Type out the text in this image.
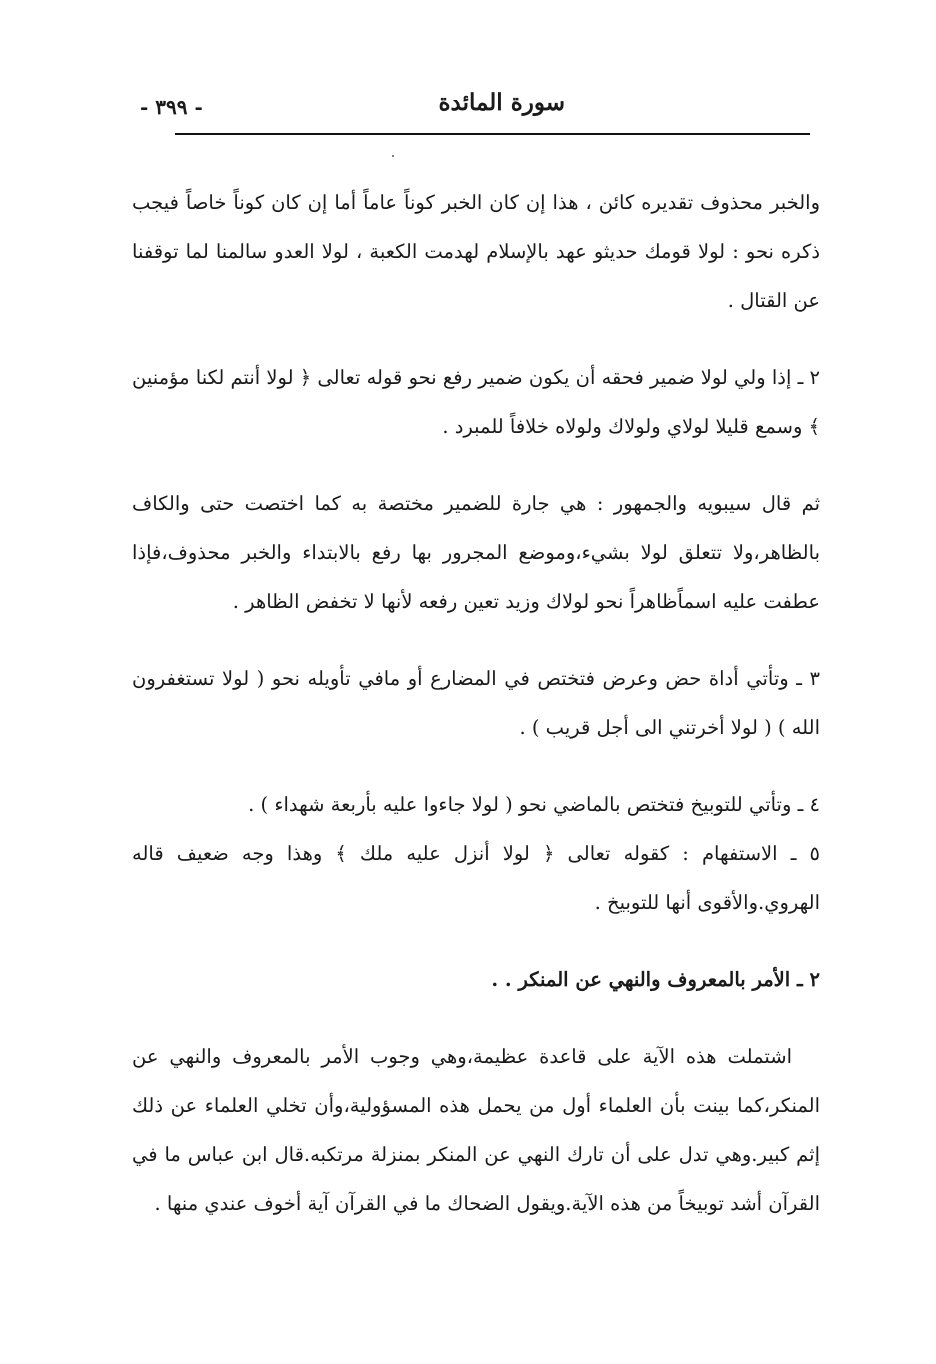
- ٣٩٩ -	سورة المائدة

والخبر محذوف تقديره كائن ، هذا إن كان الخبر كوناً عاماً أما إن كان كوناً خاصاً فيجب ذكره نحو : لولا قومك حديثو عهد بالإسلام لهدمت الكعبة ، لولا العدو سالمنا لما توقفنا عن القتال .

٢ ـ إذا ولي لولا ضمير فحقه أن يكون ضمير رفع نحو قوله تعالى ﴿ لولا أنتم لكنا مؤمنين ﴾ وسمع قليلا لولاي ولولاك ولولاه خلافاً للمبرد .

ثم قال سيبويه والجمهور : هي جارة للضمير مختصة به كما اختصت حتى والكاف بالظاهر،ولا تتعلق لولا بشيء،وموضع المجرور بها رفع بالابتداء والخبر محذوف،فإذا عطفت عليه اسماًظاهراً نحو لولاك وزيد تعين رفعه لأنها لا تخفض الظاهر .

٣ ـ وتأتي أداة حض وعرض فتختص في المضارع أو مافي تأويله نحو ( لولا تستغفرون الله ) ( لولا أخرتني الى أجل قريب ) .

٤ ـ وتأتي للتوبيخ فتختص بالماضي نحو ( لولا جاءوا عليه بأربعة شهداء ) .

٥ ـ الاستفهام : كقوله تعالى ﴿ لولا أنزل عليه ملك ﴾ وهذا وجه ضعيف قاله الهروي.والأقوى أنها للتوبيخ .

٢ ـ الأمر بالمعروف والنهي عن المنكر . .

اشتملت هذه الآية على قاعدة عظيمة،وهي وجوب الأمر بالمعروف والنهي عن المنكر،كما بينت بأن العلماء أول من يحمل هذه المسؤولية،وأن تخلي العلماء عن ذلك إثم كبير.وهي تدل على أن تارك النهي عن المنكر بمنزلة مرتكبه.قال ابن عباس ما في القرآن أشد توبيخاً من هذه الآية.ويقول الضحاك ما في القرآن آية أخوف عندي منها .
